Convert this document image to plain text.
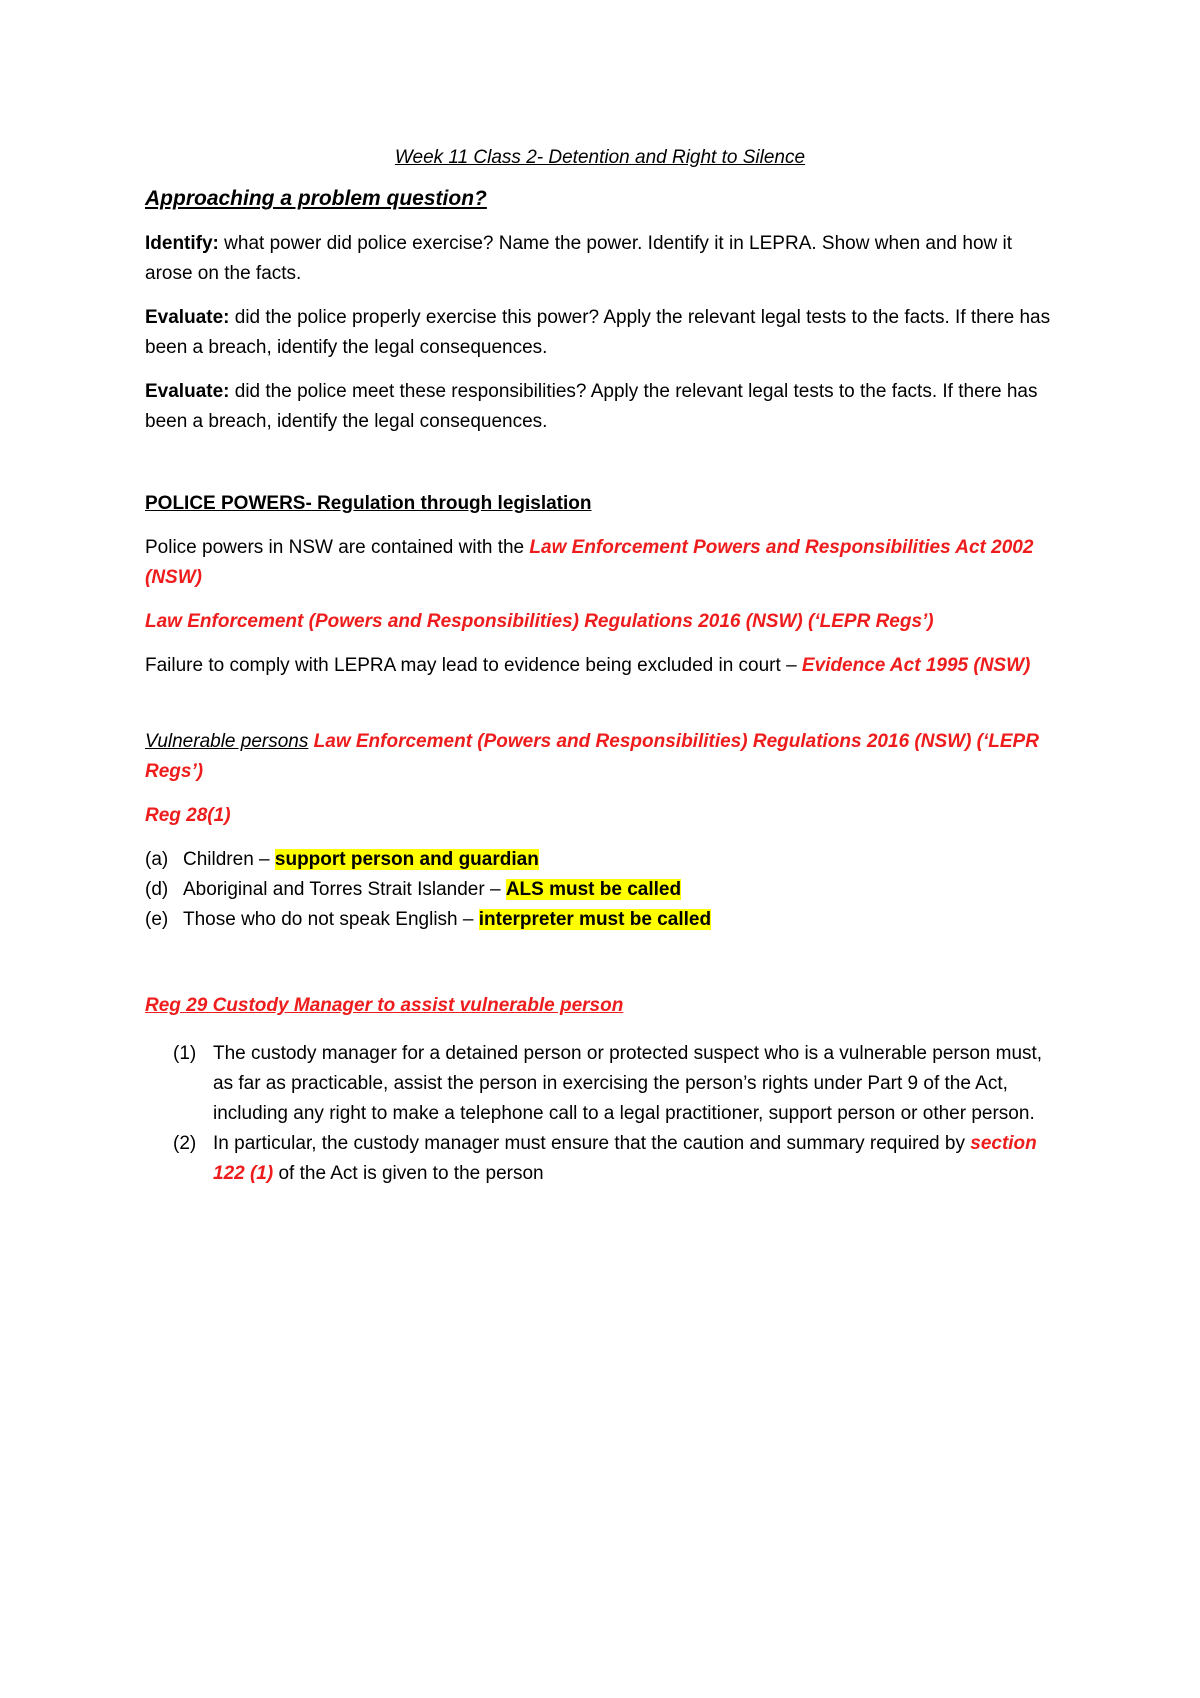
Week 11 Class 2- Detention and Right to Silence

Approaching a problem question?

Identify: what power did police exercise? Name the power. Identify it in LEPRA. Show when and how it arose on the facts.

Evaluate: did the police properly exercise this power? Apply the relevant legal tests to the facts. If there has been a breach, identify the legal consequences.

Evaluate: did the police meet these responsibilities? Apply the relevant legal tests to the facts. If there has been a breach, identify the legal consequences.

POLICE POWERS- Regulation through legislation

Police powers in NSW are contained with the Law Enforcement Powers and Responsibilities Act 2002 (NSW)

Law Enforcement (Powers and Responsibilities) Regulations 2016 (NSW) (‘LEPR Regs’)

Failure to comply with LEPRA may lead to evidence being excluded in court – Evidence Act 1995 (NSW)

Vulnerable persons Law Enforcement (Powers and Responsibilities) Regulations 2016 (NSW) (‘LEPR Regs’)

Reg 28(1)

(a) Children – support person and guardian
(d) Aboriginal and Torres Strait Islander – ALS must be called
(e) Those who do not speak English – interpreter must be called

Reg 29 Custody Manager to assist vulnerable person

(1) The custody manager for a detained person or protected suspect who is a vulnerable person must, as far as practicable, assist the person in exercising the person’s rights under Part 9 of the Act, including any right to make a telephone call to a legal practitioner, support person or other person.
(2) In particular, the custody manager must ensure that the caution and summary required by section 122 (1) of the Act is given to the person
